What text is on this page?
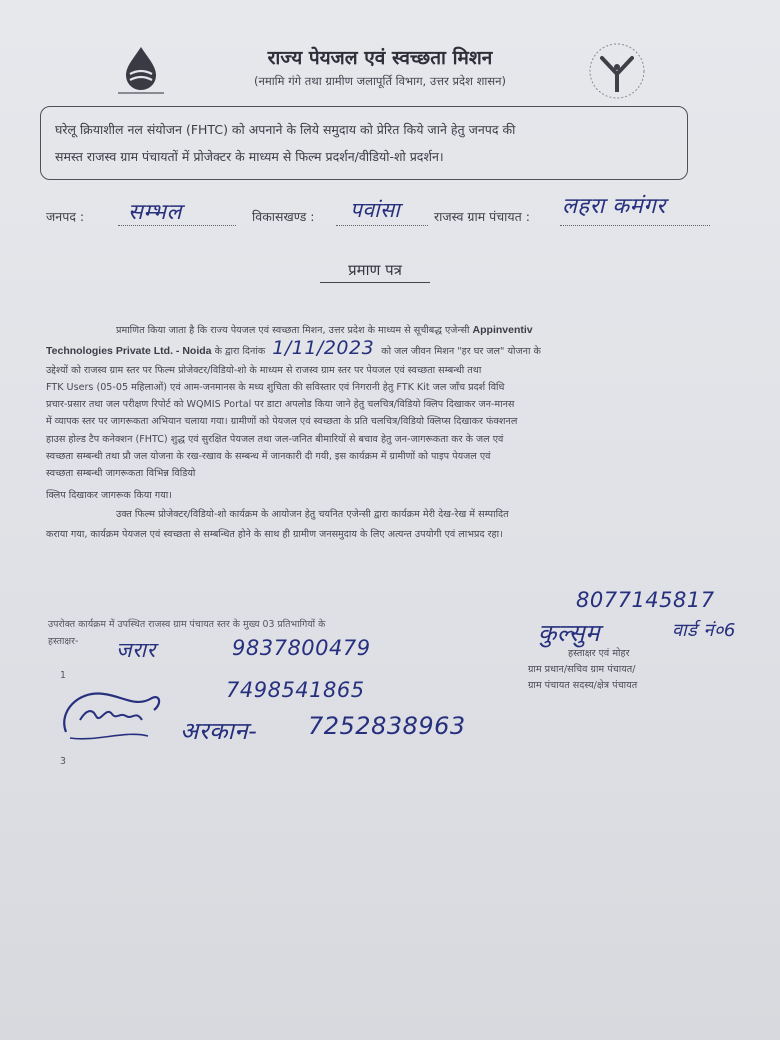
राज्य पेयजल एवं स्वच्छता मिशन
(नमामि गंगे तथा ग्रामीण जलापूर्ति विभाग, उत्तर प्रदेश शासन)
घरेलू क्रियाशील नल संयोजन (FHTC) को अपनाने के लिये समुदाय को प्रेरित किये जाने हेतु जनपद की
समस्त राजस्व ग्राम पंचायतों में प्रोजेक्टर के माध्यम से फिल्म प्रदर्शन/वीडियो-शो प्रदर्शन।
जनपद : सम्भल	विकासखण्ड : पवांसा	राजस्व ग्राम पंचायत : लहरा कमंगर
प्रमाण पत्र
प्रमाणित किया जाता है कि राज्य पेयजल एवं स्वच्छता मिशन, उत्तर प्रदेश के माध्यम से सूचीबद्ध एजेन्सी Appinventiv
Technologies Private Ltd. - Noida के द्वारा दिनांक 1/11/2023 को जल जीवन मिशन "हर घर जल" योजना के
उद्देश्यों को राजस्व ग्राम स्तर पर फिल्म प्रोजेक्टर/विडियो-शो के माध्यम से राजस्व ग्राम स्तर पर पेयजल एवं स्वच्छता सम्बन्धी तथा
FTK Users (05-05 महिलाओं) एवं आम-जनमानस के मध्य शुचिता की सविस्तार एवं निगरानी हेतु FTK Kit जल जाँच प्रदर्श विधि
प्रचार-प्रसार तथा जल परीक्षण रिपोर्ट को WQMIS Portal पर डाटा अपलोड किया जाने हेतु चलचित्र/विडियो क्लिप दिखाकर जन-मानस
में व्यापक स्तर पर जागरूकता अभियान चलाया गया। ग्रामीणों को पेयजल एवं स्वच्छता के प्रति चलचित्र/विडियो क्लिप्स दिखाकर फंक्शनल
हाउस होल्ड टैप कनेक्शन (FHTC) शुद्ध एवं सुरक्षित पेयजल तथा जल-जनित बीमारियों से बचाव हेतु जन-जागरूकता कर के जल एवं
स्वच्छता सम्बन्धी तथा प्रौ जल योजना के रख-रखाव के सम्बन्ध में जानकारी दी गयी, इस कार्यक्रम में ग्रामीणों को पाइप पेयजल एवं
स्वच्छता सम्बन्धी जागरूकता विभिन्न विडियो
क्लिप दिखाकर जागरूक किया गया।
उक्त फिल्म प्रोजेक्टर/विडियो-शो कार्यक्रम के आयोजन हेतु चयनित एजेन्सी द्वारा कार्यक्रम मेरी देख-रेख में सम्पादित
कराया गया, कार्यक्रम पेयजल एवं स्वच्छता से सम्बन्धित होने के साथ ही ग्रामीण जनसमुदाय के लिए अत्यन्त उपयोगी एवं लाभप्रद रहा।
उपरोक्त कार्यक्रम में उपस्थित राजस्व ग्राम पंचायत स्तर के मुख्य 03 प्रतिभागियों के
हस्ताक्षर- जरार	9837800479
1
7498541865
अरकान- 7252838963
3
8077145817
कुल्सुम	वार्ड नं०6
हस्ताक्षर एवं मोहर
ग्राम प्रधान/सचिव ग्राम पंचायत/
ग्राम पंचायत सदस्य/क्षेत्र पंचायत
